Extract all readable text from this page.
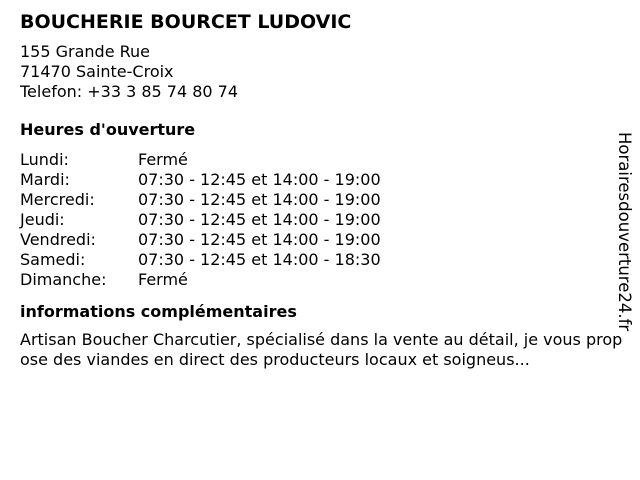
BOUCHERIE BOURCET LUDOVIC
155 Grande Rue
71470 Sainte-Croix
Telefon: +33 3 85 74 80 74
Heures d'ouverture
Lundi:	Fermé
Mardi:	07:30 - 12:45 et 14:00 - 19:00
Mercredi:	07:30 - 12:45 et 14:00 - 19:00
Jeudi:	07:30 - 12:45 et 14:00 - 19:00
Vendredi:	07:30 - 12:45 et 14:00 - 19:00
Samedi:	07:30 - 12:45 et 14:00 - 18:30
Dimanche:	Fermé
informations complémentaires
Artisan Boucher Charcutier, spécialisé dans la vente au détail, je vous propose des viandes en direct des producteurs locaux et soigneus...
Horairesdouverture24.fr
